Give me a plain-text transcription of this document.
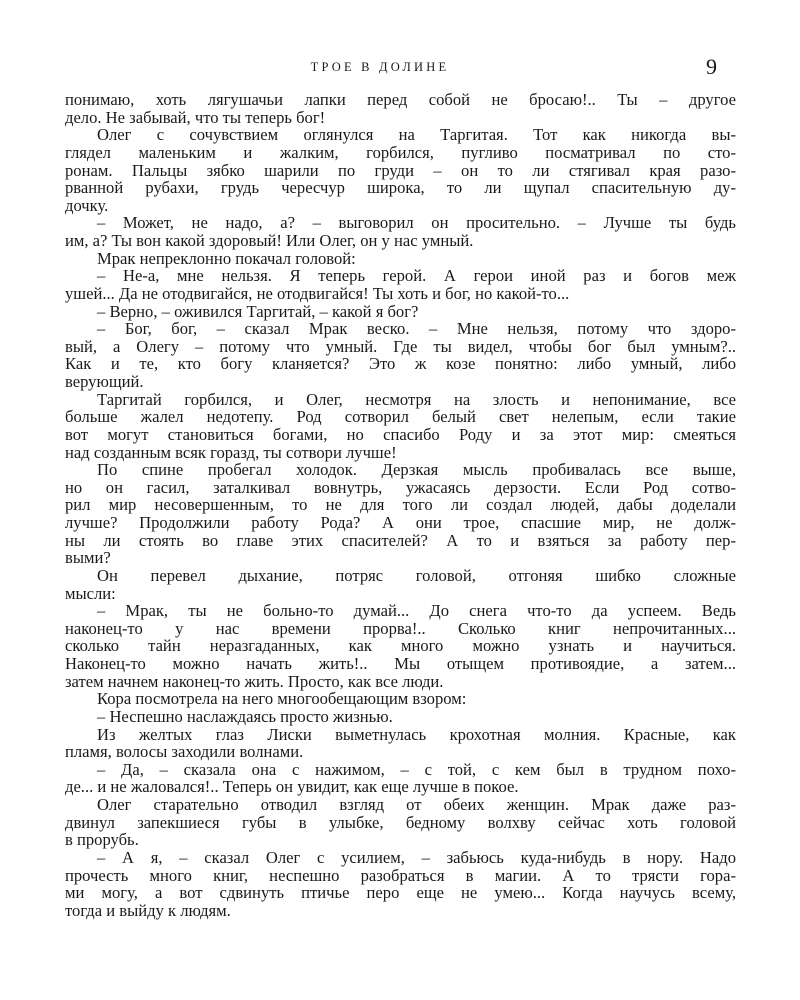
ТРОЕ В ДОЛИНЕ	9
понимаю, хоть лягушачьи лапки перед собой не бросаю!.. Ты – другое
дело. Не забывай, что ты теперь бог!
Олег с сочувствием оглянулся на Таргитая. Тот как никогда вы-
глядел маленьким и жалким, горбился, пугливо посматривал по сто-
ронам. Пальцы зябко шарили по груди – он то ли стягивал края разо-
рванной рубахи, грудь чересчур широка, то ли щупал спасительную ду-
дочку.
– Может, не надо, а? – выговорил он просительно. – Лучше ты будь
им, а? Ты вон какой здоровый! Или Олег, он у нас умный.
Мрак непреклонно покачал головой:
– Не-а, мне нельзя. Я теперь герой. А герои иной раз и богов меж
ушей... Да не отодвигайся, не отодвигайся! Ты хоть и бог, но какой-то...
– Верно, – оживился Таргитай, – какой я бог?
– Бог, бог, – сказал Мрак веско. – Мне нельзя, потому что здоро-
вый, а Олегу – потому что умный. Где ты видел, чтобы бог был умным?..
Как и те, кто богу кланяется? Это ж козе понятно: либо умный, либо
верующий.
Таргитай горбился, и Олег, несмотря на злость и непонимание, все
больше жалел недотепу. Род сотворил белый свет нелепым, если такие
вот могут становиться богами, но спасибо Роду и за этот мир: смеяться
над созданным всяк горазд, ты сотвори лучше!
По спине пробегал холодок. Дерзкая мысль пробивалась все выше,
но он гасил, заталкивал вовнутрь, ужасаясь дерзости. Если Род сотво-
рил мир несовершенным, то не для того ли создал людей, дабы доделали
лучше? Продолжили работу Рода? А они трое, спасшие мир, не долж-
ны ли стоять во главе этих спасителей? А то и взяться за работу пер-
выми?
Он перевел дыхание, потряс головой, отгоняя шибко сложные
мысли:
– Мрак, ты не больно-то думай... До снега что-то да успеем. Ведь
наконец-то у нас времени прорва!.. Сколько книг непрочитанных...
сколько тайн неразгаданных, как много можно узнать и научиться.
Наконец-то можно начать жить!.. Мы отыщем противоядие, а затем...
затем начнем наконец-то жить. Просто, как все люди.
Кора посмотрела на него многообещающим взором:
– Неспешно наслаждаясь просто жизнью.
Из желтых глаз Лиски выметнулась крохотная молния. Красные, как
пламя, волосы заходили волнами.
– Да, – сказала она с нажимом, – с той, с кем был в трудном похо-
де... и не жаловался!.. Теперь он увидит, как еще лучше в покое.
Олег старательно отводил взгляд от обеих женщин. Мрак даже раз-
двинул запекшиеся губы в улыбке, бедному волхву сейчас хоть головой
в прорубь.
– А я, – сказал Олег с усилием, – забьюсь куда-нибудь в нору. Надо
прочесть много книг, неспешно разобраться в магии. А то трясти гора-
ми могу, а вот сдвинуть птичье перо еще не умею... Когда научусь всему,
тогда и выйду к людям.
